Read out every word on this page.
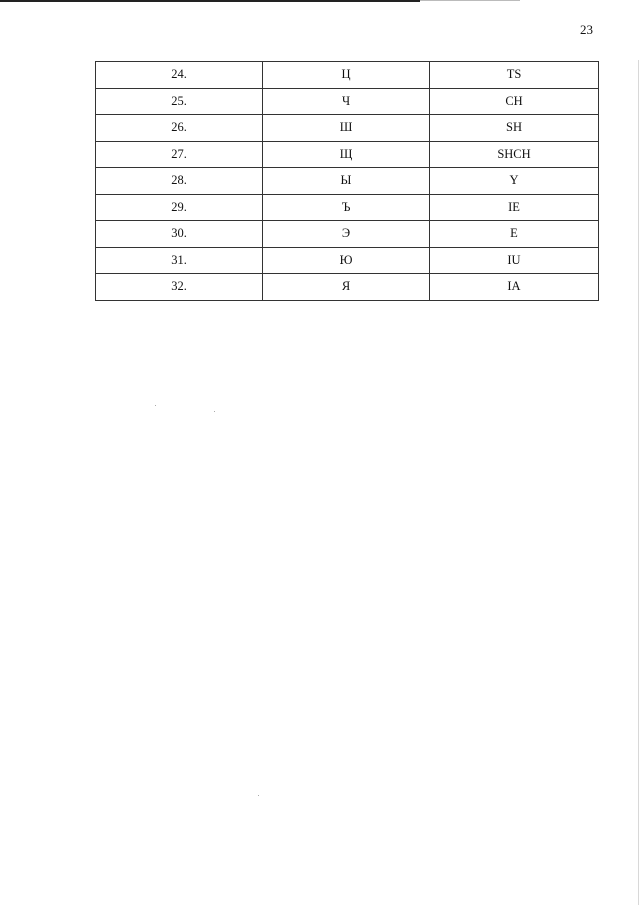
23
24.	Ц	TS
25.	Ч	CH
26.	Ш	SH
27.	Щ	SHCH
28.	Ы	Y
29.	Ъ	IE
30.	Э	E
31.	Ю	IU
32.	Я	IA
